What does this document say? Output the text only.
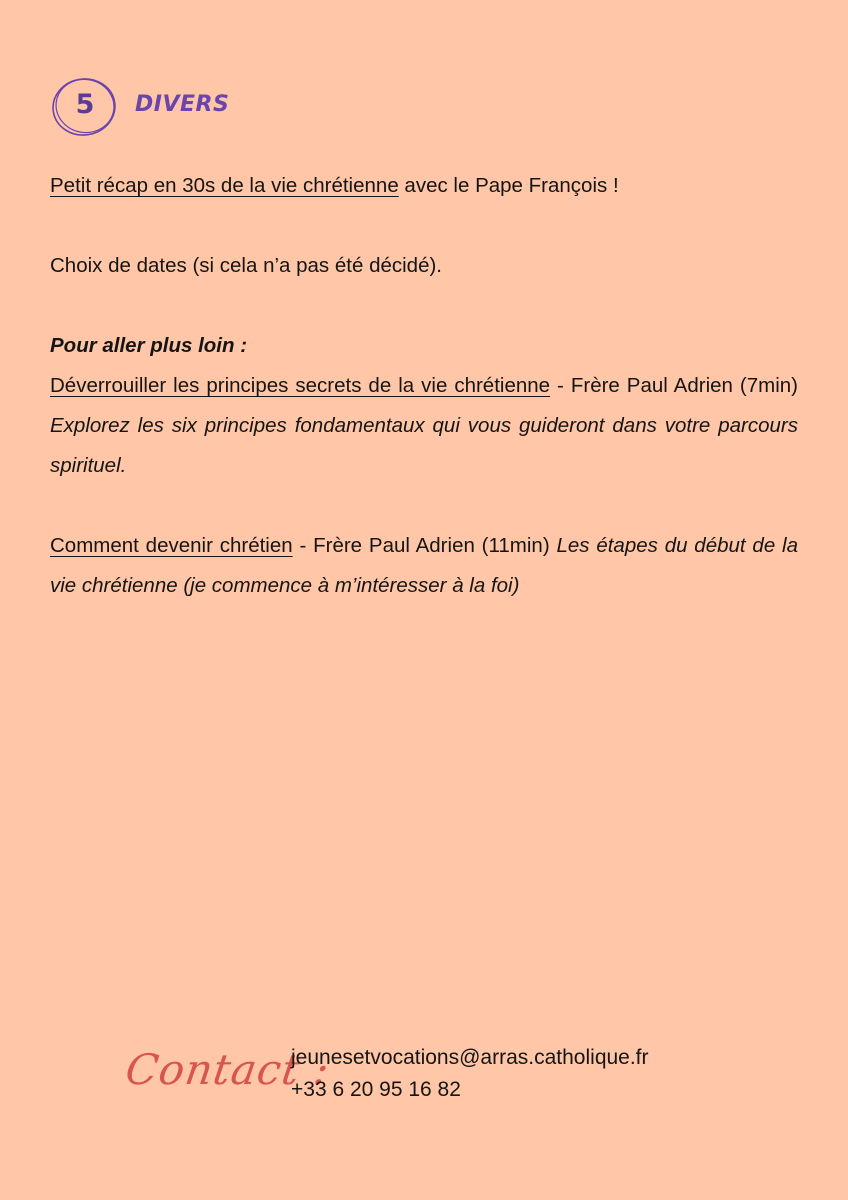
5	DIVERS

Petit récap en 30s de la vie chrétienne avec le Pape François !

Choix de dates (si cela n’a pas été décidé).

Pour aller plus loin :

Déverrouiller les principes secrets de la vie chrétienne - Frère Paul Adrien (7min) Explorez les six principes fondamentaux qui vous guideront dans votre parcours spirituel.

Comment devenir chrétien - Frère Paul Adrien (11min) Les étapes du début de la vie chrétienne (je commence à m’intéresser à la foi)

Contact :
jeunesetvocations@arras.catholique.fr
+33 6 20 95 16 82
